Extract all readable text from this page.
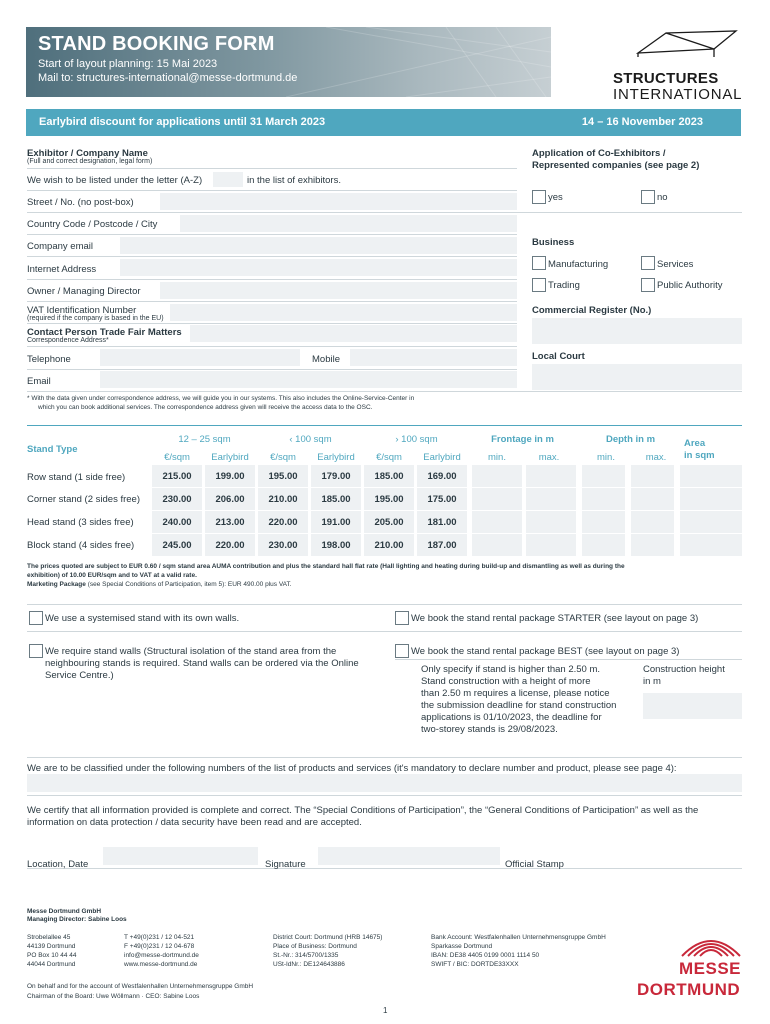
STAND BOOKING FORM
Start of layout planning: 15 Mai 2023
Mail to: structures-international@messe-dortmund.de	STRUCTURES
INTERNATIONAL
Earlybird discount for applications until 31 March 2023	14 – 16 November 2023
Exhibitor / Company Name
(Full and correct designation, legal form)
We wish to be listed under the letter (A-Z)	in the list of exhibitors.
Street / No. (no post-box)
Country Code / Postcode / City
Company email
Internet Address
Owner / Managing Director
VAT Identification Number
(required if the company is based in the EU)
Contact Person Trade Fair Matters
Correspondence Address*
Telephone	Mobile
Email
Application of Co-Exhibitors / Represented companies (see page 2)
yes	no
Business
Manufacturing	Services
Trading	Public Authority
Commercial Register (No.)
Local Court
* With the data given under correspondence address, we will guide you in our systems. This also includes the Online-Service-Center in
which you can book additional services. The correspondence address given will receive the access data to the OSC.
Stand Type
12 – 25 sqm	‹ 100 sqm	› 100 sqm	Frontage in m	Depth in m	Area
in sqm
€/sqm	Earlybird	€/sqm	Earlybird	€/sqm	Earlybird	min.	max.	min.	max.
Row stand (1 side free)	215.00	199.00	195.00	179.00	185.00	169.00
Corner stand (2 sides free)	230.00	206.00	210.00	185.00	195.00	175.00
Head stand (3 sides free)	240.00	213.00	220.00	191.00	205.00	181.00
Block stand (4 sides free)	245.00	220.00	230.00	198.00	210.00	187.00
The prices quoted are subject to EUR 0.60 / sqm stand area AUMA contribution and plus the standard hall flat rate (Hall lighting and heating during build-up and dismantling as well as during the
exhibition) of 10.00 EUR/sqm and to VAT at a valid rate.
Marketing Package (see Special Conditions of Participation, item 5): EUR 490.00 plus VAT.
We use a systemised stand with its own walls.	We book the stand rental package STARTER (see layout on page 3)
We require stand walls (Structural isolation of the stand area from the
neighbouring stands is required. Stand walls can be ordered via the Online
Service Centre.)
We book the stand rental package BEST (see layout on page 3)
Only specify if stand is higher than 2.50 m.
Stand construction with a height of more
than 2.50 m requires a license, please notice
the submission deadline for stand construction
applications is 01/10/2023, the deadline for
two-storey stands is 29/08/2023.
Construction height
in m
We are to be classified under the following numbers of the list of products and services (it's mandatory to declare number and product, please see page 4):
We certify that all information provided is complete and correct. The “Special Conditions of Participation”, the “General Conditions of Participation” as well as the
information on data protection / data security have been read and are accepted.
Location, Date	Signature	Official Stamp
Messe Dortmund GmbH
Managing Director: Sabine Loos
Strobelallee 45
44139 Dortmund
PO Box 10 44 44
44044 Dortmund
T +49(0)231 / 12 04-521
F +49(0)231 / 12 04-678
info@messe-dortmund.de
www.messe-dortmund.de
District Court: Dortmund (HRB 14675)
Place of Business: Dortmund
St.-Nr.: 314/5700/1335
USt-IdNr.: DE124643886
Bank Account: Westfalenhallen Unternehmensgruppe GmbH
Sparkasse Dortmund
IBAN: DE38 4405 0199 0001 1114 50
SWIFT / BIC: DORTDE33XXX
On behalf and for the account of Westfalenhallen Unternehmensgruppe GmbH
Chairman of the Board: Uwe Wöllmann · CEO: Sabine Loos
MESSE
DORTMUND
1
